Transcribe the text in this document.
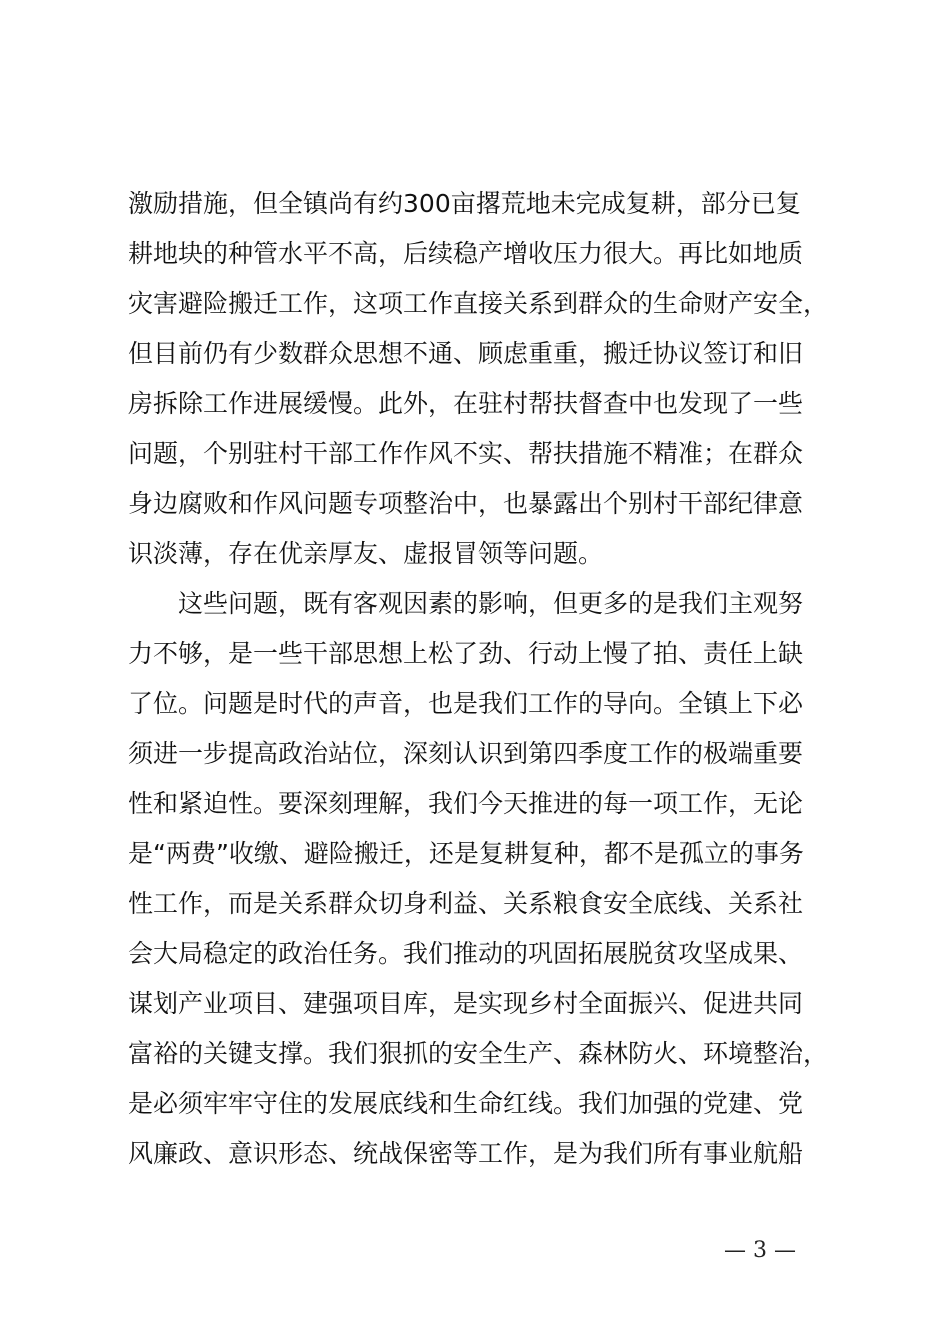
激励措施，但全镇尚有约300亩撂荒地未完成复耕，部分已复
耕地块的种管水平不高，后续稳产增收压力很大。再比如地质
灾害避险搬迁工作，这项工作直接关系到群众的生命财产安全，
但目前仍有少数群众思想不通、顾虑重重，搬迁协议签订和旧
房拆除工作进展缓慢。此外，在驻村帮扶督查中也发现了一些
问题，个别驻村干部工作作风不实、帮扶措施不精准；在群众
身边腐败和作风问题专项整治中，也暴露出个别村干部纪律意
识淡薄，存在优亲厚友、虚报冒领等问题。
这些问题，既有客观因素的影响，但更多的是我们主观努
力不够，是一些干部思想上松了劲、行动上慢了拍、责任上缺
了位。问题是时代的声音，也是我们工作的导向。全镇上下必
须进一步提高政治站位，深刻认识到第四季度工作的极端重要
性和紧迫性。要深刻理解，我们今天推进的每一项工作，无论
是“两费”收缴、避险搬迁，还是复耕复种，都不是孤立的事务
性工作，而是关系群众切身利益、关系粮食安全底线、关系社
会大局稳定的政治任务。我们推动的巩固拓展脱贫攻坚成果、
谋划产业项目、建强项目库，是实现乡村全面振兴、促进共同
富裕的关键支撑。我们狠抓的安全生产、森林防火、环境整治，
是必须牢牢守住的发展底线和生命红线。我们加强的党建、党
风廉政、意识形态、统战保密等工作，是为我们所有事业航船
— 3 —
